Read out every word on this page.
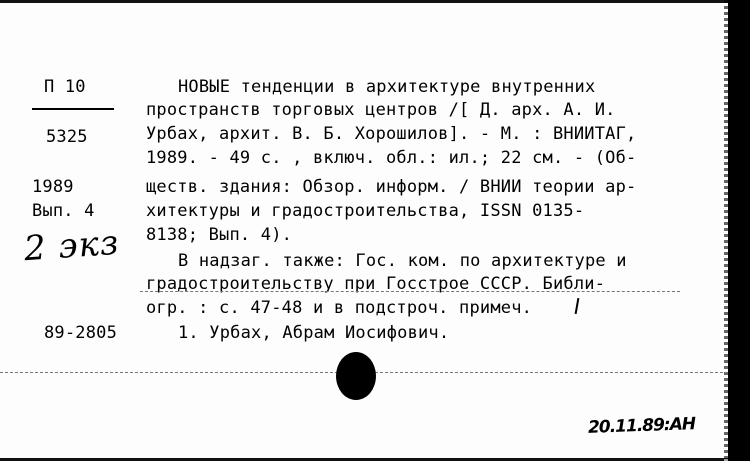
П 10
5325
1989
Вып. 4
2 экз
89-2805
НОВЫЕ тенденции в архитектуре внутренних
пространств торговых центров /[ Д. арх. А. И.
Урбах, архит. В. Б. Хорошилов]. - М. : ВНИИТАГ,
1989. - 49 с. , включ. обл.: ил.; 22 см. - (Об-
ществ. здания: Обзор. информ. / ВНИИ теории ар-
хитектуры и градостроительства, ISSN 0135-
8138; Вып. 4).
В надзаг. также: Гос. ком. по архитектуре и
градостроительству при Госстрое СССР. Библи-
огр. : с. 47-48 и в подстроч. примеч.
1. Урбах, Абрам Иосифович.
20.11.89:AH
